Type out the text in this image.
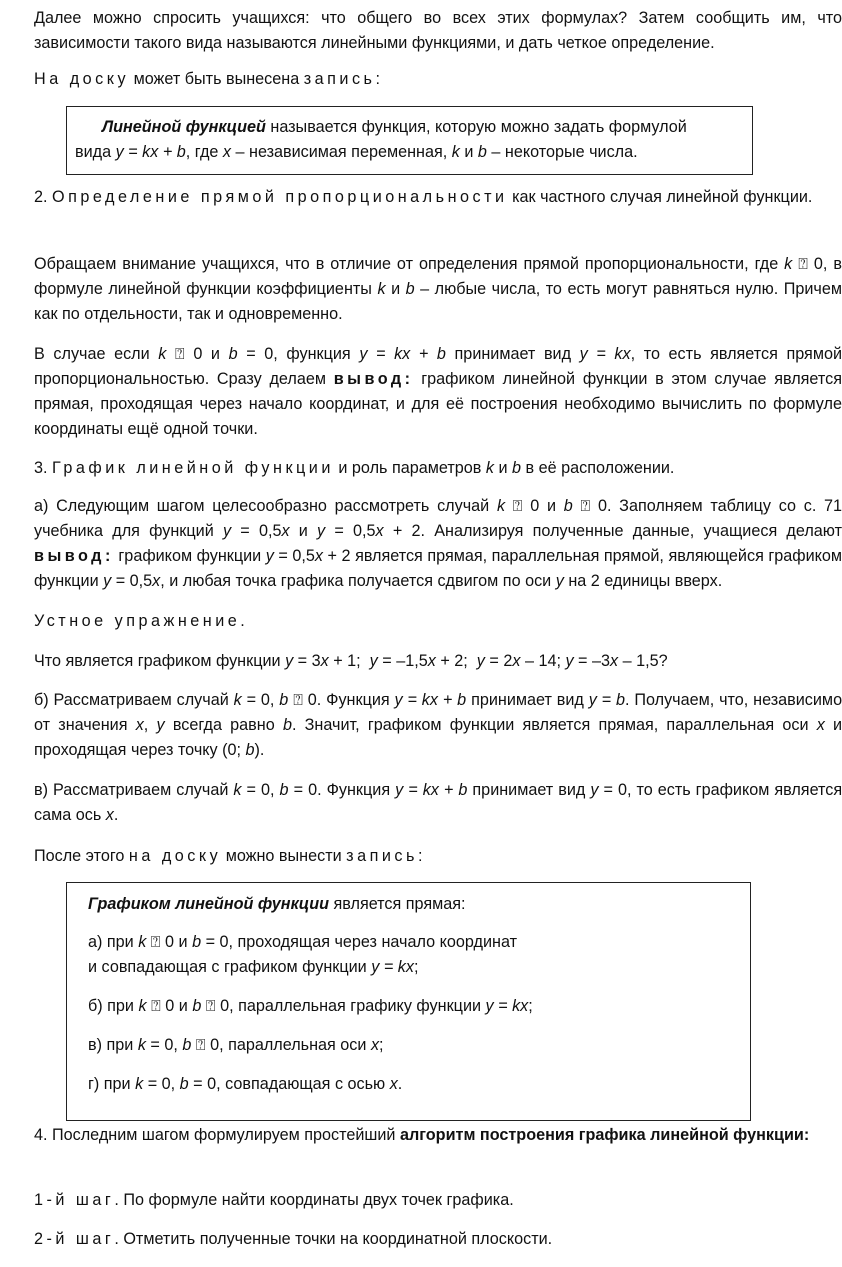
Далее можно спросить учащихся: что общего во всех этих формулах? Затем сообщить им, что зависимости такого вида называются линейными функциями, и дать четкое определение.

На доску может быть вынесена запись:

Линейной функцией называется функция, которую можно задать формулой
вида y = kx + b, где x – независимая переменная, k и b – некоторые числа.

2. Определение прямой пропорциональности как частного случая линейной функции.

Обращаем внимание учащихся, что в отличие от определения прямой пропорциональности, где k ⍰ 0, в формуле линейной функции коэффициенты k и b – любые числа, то есть могут равняться нулю. Причем как по отдельности, так и одновременно.

В случае если k ⍰ 0 и b = 0, функция y = kx + b принимает вид y = kx, то есть является прямой пропорциональностью. Сразу делаем вывод: графиком линейной функции в этом случае является прямая, проходящая через начало координат, и для её построения необходимо вычислить по формуле координаты ещё одной точки.

3. График линейной функции и роль параметров k и b в её расположении.

а) Следующим шагом целесообразно рассмотреть случай k ⍰ 0 и b ⍰ 0. Заполняем таблицу со с. 71 учебника для функций y = 0,5x и y = 0,5x + 2. Анализируя полученные данные, учащиеся делают вывод: графиком функции y = 0,5x + 2 является прямая, параллельная прямой, являющейся графиком функции y = 0,5x, и любая точка графика получается сдвигом по оси y на 2 единицы вверх.

Устное упражнение.

Что является графиком функции y = 3x + 1; y = –1,5x + 2; y = 2x – 14; y = –3x – 1,5?

б) Рассматриваем случай k = 0, b ⍰ 0. Функция y = kx + b принимает вид y = b. Получаем, что, независимо от значения x, y всегда равно b. Значит, графиком функции является прямая, параллельная оси x и проходящая через точку (0; b).

в) Рассматриваем случай k = 0, b = 0. Функция y = kx + b принимает вид y = 0, то есть графиком является сама ось x.

После этого на доску можно вынести запись:

Графиком линейной функции является прямая:

а) при k ⍰ 0 и b = 0, проходящая через начало координат
и совпадающая с графиком функции y = kx;

б) при k ⍰ 0 и b ⍰ 0, параллельная графику функции y = kx;

в) при k = 0, b ⍰ 0, параллельная оси x;

г) при k = 0, b = 0, совпадающая с осью x.

4. Последним шагом формулируем простейший алгоритм построения графика линейной функции:

1-й шаг. По формуле найти координаты двух точек графика.

2-й шаг. Отметить полученные точки на координатной плоскости.
